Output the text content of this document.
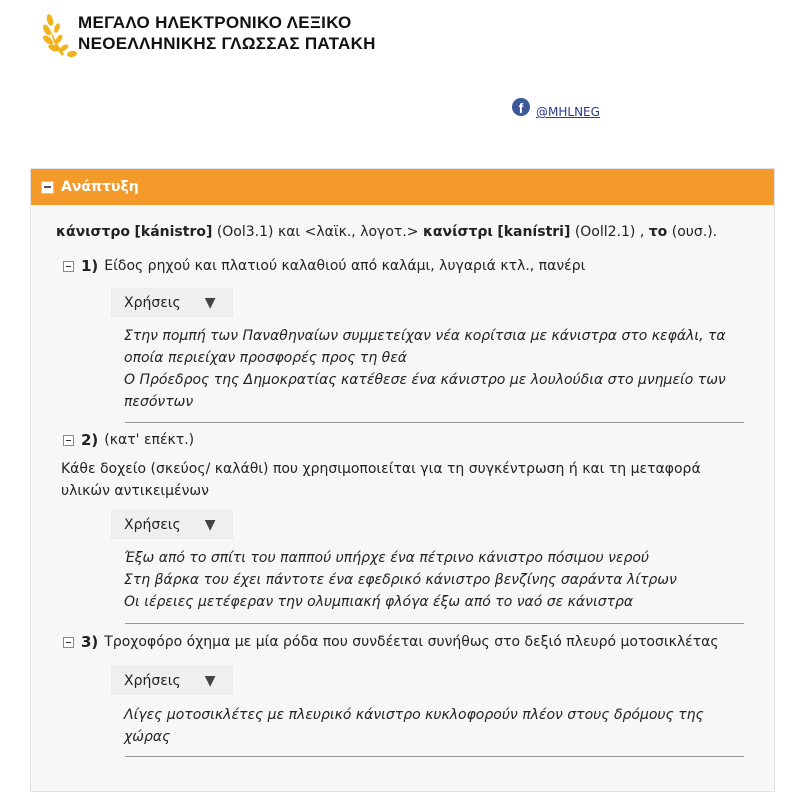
ΜΕΓΑΛΟ ΗΛΕΚΤΡΟΝΙΚΟ ΛΕΞΙΚΟ
ΝΕΟΕΛΛΗΝΙΚΗΣ ΓΛΩΣΣΑΣ ΠΑΤΑΚΗ
f	@MHLNEG
Ανάπτυξη
κάνιστρο [kánistro] (Οοl3.1) και <λαϊκ., λογοτ.> κανίστρι [kanístri] (Οοll2.1) , το (ουσ.).
1) Είδος ρηχού και πλατιού καλαθιού από καλάμι, λυγαριά κτλ., πανέρι
Χρήσεις ▼
Στην πομπή των Παναθηναίων συμμετείχαν νέα κορίτσια με κάνιστρα στο κεφάλι, τα οποία περιείχαν προσφορές προς τη θεά
Ο Πρόεδρος της Δημοκρατίας κατέθεσε ένα κάνιστρο με λουλούδια στο μνημείο των πεσόντων
2) (κατ' επέκτ.)
Κάθε δοχείο (σκεύος/ καλάθι) που χρησιμοποιείται για τη συγκέντρωση ή και τη μεταφορά υλικών αντικειμένων
Χρήσεις ▼
Έξω από το σπίτι του παππού υπήρχε ένα πέτρινο κάνιστρο πόσιμου νερού
Στη βάρκα του έχει πάντοτε ένα εφεδρικό κάνιστρο βενζίνης σαράντα λίτρων
Οι ιέρειες μετέφεραν την ολυμπιακή φλόγα έξω από το ναό σε κάνιστρα
3) Τροχοφόρο όχημα με μία ρόδα που συνδέεται συνήθως στο δεξιό πλευρό μοτοσικλέτας
Χρήσεις ▼
Λίγες μοτοσικλέτες με πλευρικό κάνιστρο κυκλοφορούν πλέον στους δρόμους της χώρας
